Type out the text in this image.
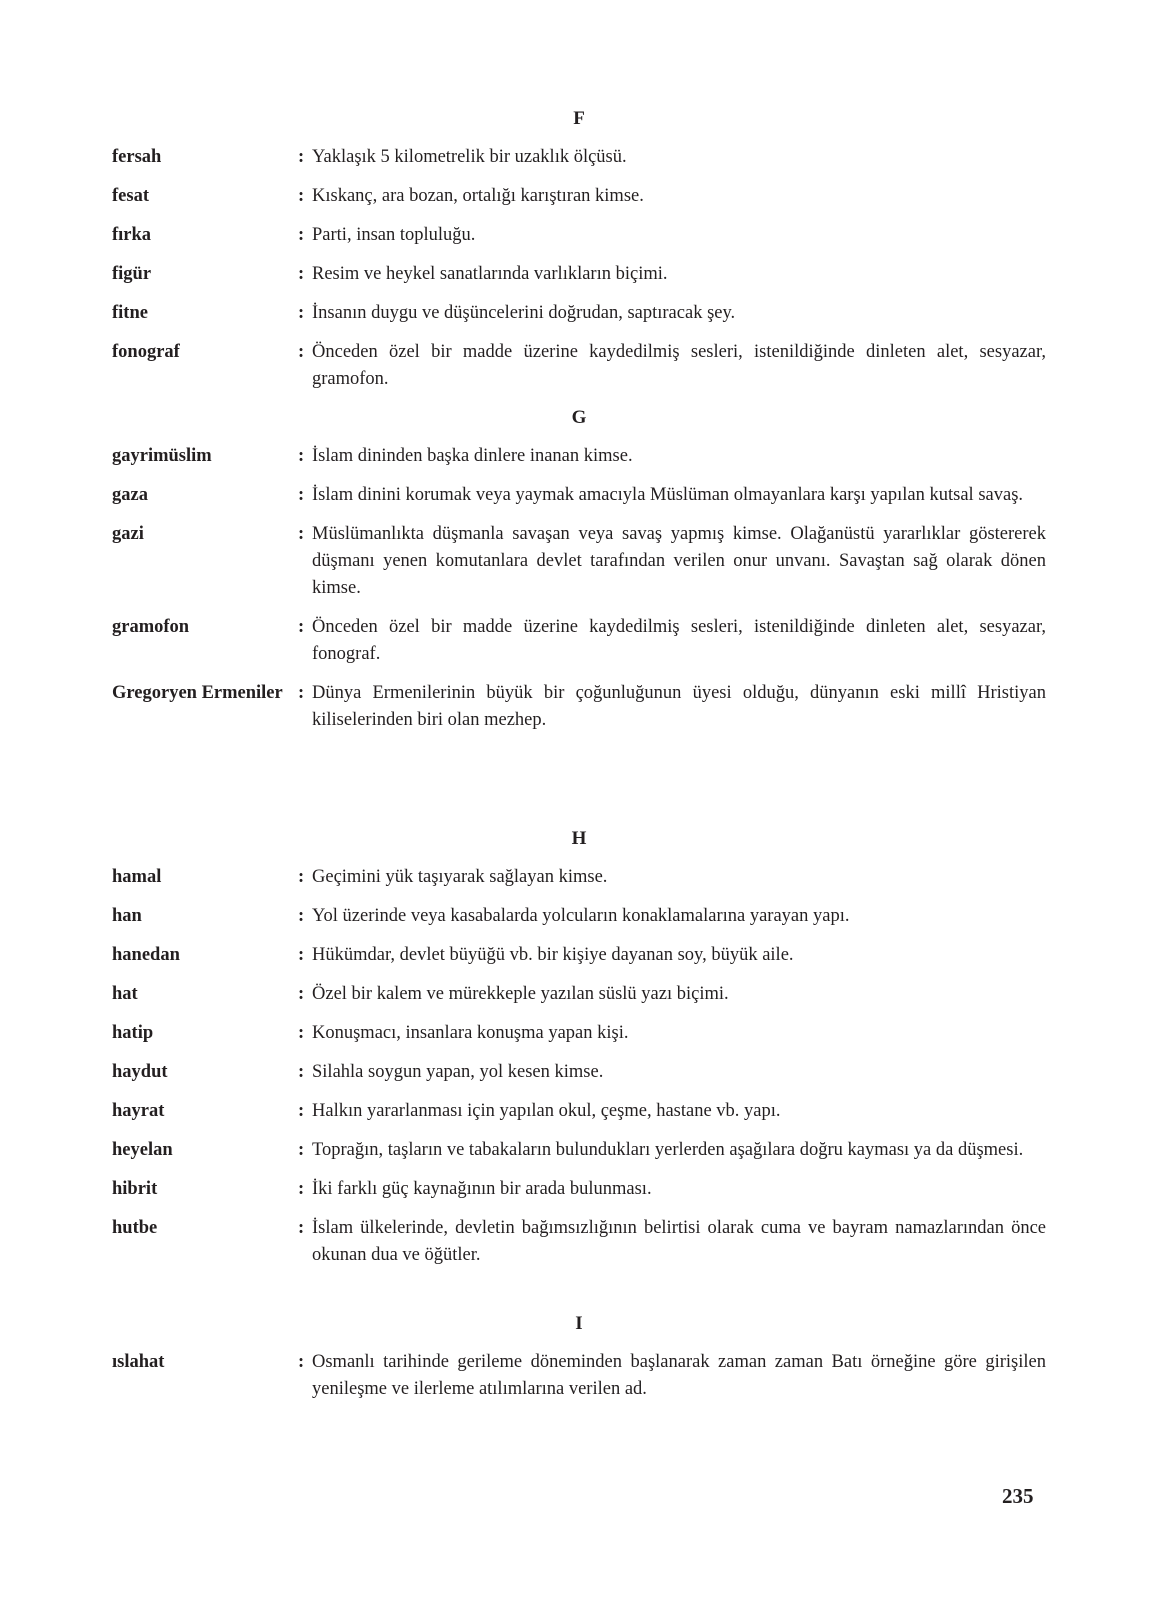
F
fersah	: Yaklaşık 5 kilometrelik bir uzaklık ölçüsü.
fesat	: Kıskanç, ara bozan, ortalığı karıştıran kimse.
fırka	: Parti, insan topluluğu.
figür	: Resim ve heykel sanatlarında varlıkların biçimi.
fitne	: İnsanın duygu ve düşüncelerini doğrudan, saptıracak şey.
fonograf	: Önceden özel bir madde üzerine kaydedilmiş sesleri, istenildiğinde dinleten alet, sesyazar, gramofon.
G
gayrimüslim	: İslam dininden başka dinlere inanan kimse.
gaza	: İslam dinini korumak veya yaymak amacıyla Müslüman olmayanlara karşı yapılan kutsal savaş.
gazi	: Müslümanlıkta düşmanla savaşan veya savaş yapmış kimse. Olağanüstü yararlıklar göstererek düşmanı yenen komutanlara devlet tarafından verilen onur unvanı. Savaştan sağ olarak dönen kimse.
gramofon	: Önceden özel bir madde üzerine kaydedilmiş sesleri, istenildiğinde dinleten alet, sesyazar, fonograf.
Gregoryen Ermeniler : Dünya Ermenilerinin büyük bir çoğunluğunun üyesi olduğu, dünyanın eski millî Hristiyan kiliselerinden biri olan mezhep.
H
hamal	: Geçimini yük taşıyarak sağlayan kimse.
han	: Yol üzerinde veya kasabalarda yolcuların konaklamalarına yarayan yapı.
hanedan	: Hükümdar, devlet büyüğü vb. bir kişiye dayanan soy, büyük aile.
hat	: Özel bir kalem ve mürekkeple yazılan süslü yazı biçimi.
hatip	: Konuşmacı, insanlara konuşma yapan kişi.
haydut	: Silahla soygun yapan, yol kesen kimse.
hayrat	: Halkın yararlanması için yapılan okul, çeşme, hastane vb. yapı.
heyelan	: Toprağın, taşların ve tabakaların bulundukları yerlerden aşağılara doğru kayması ya da düşmesi.
hibrit	: İki farklı güç kaynağının bir arada bulunması.
hutbe	: İslam ülkelerinde, devletin bağımsızlığının belirtisi olarak cuma ve bayram namazlarından önce okunan dua ve öğütler.
I
ıslahat	: Osmanlı tarihinde gerileme döneminden başlanarak zaman zaman Batı örneğine göre girişilen yenileşme ve ilerleme atılımlarına verilen ad.
235
